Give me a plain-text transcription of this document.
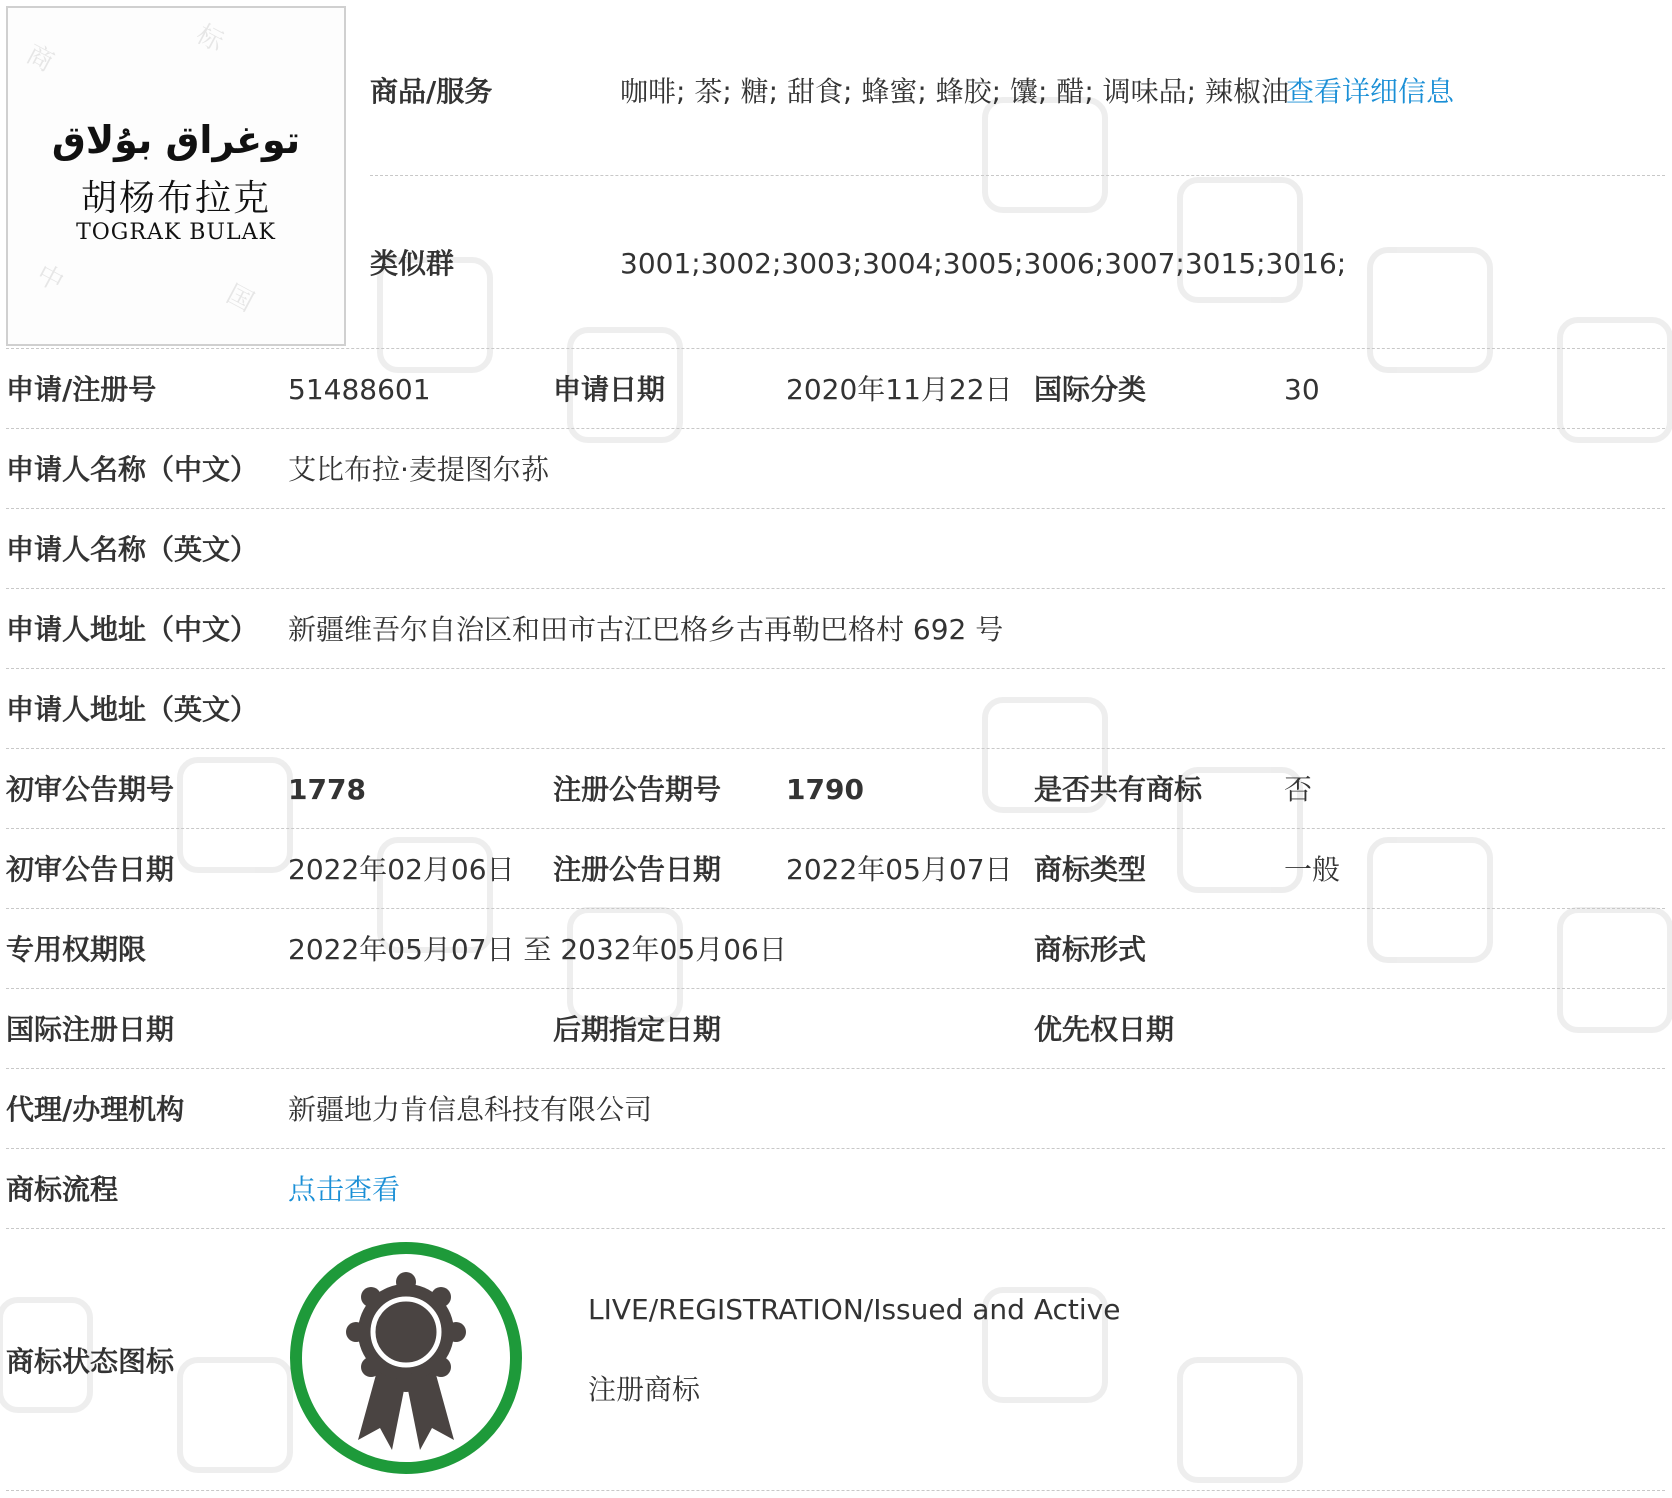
商
标
中
国
توغراق بۇلاق
胡杨布拉克
TOGRAK BULAK
商品/服务	咖啡; 茶; 糖; 甜食; 蜂蜜; 蜂胶; 馕; 醋; 调味品; 辣椒油
查看详细信息
类似群	3001;3002;3003;3004;3005;3006;3007;3015;3016;
申请/注册号	51488601	申请日期	2020年11月22日 国际分类	30
申请人名称（中文） 艾比布拉·麦提图尔荪
申请人名称（英文）
申请人地址（中文） 新疆维吾尔自治区和田市古江巴格乡古再勒巴格村 692 号
申请人地址（英文）
初审公告期号	1778	注册公告期号 1790	是否共有商标	否
初审公告日期	2022年02月06日 注册公告日期 2022年05月07日 商标类型	一般
专用权期限	2022年05月07日 至 2032年05月06日	商标形式
国际注册日期	后期指定日期	优先权日期
代理/办理机构	新疆地力肯信息科技有限公司
商标流程	点击查看
商标状态图标
LIVE/REGISTRATION/Issued and Active
注册商标
